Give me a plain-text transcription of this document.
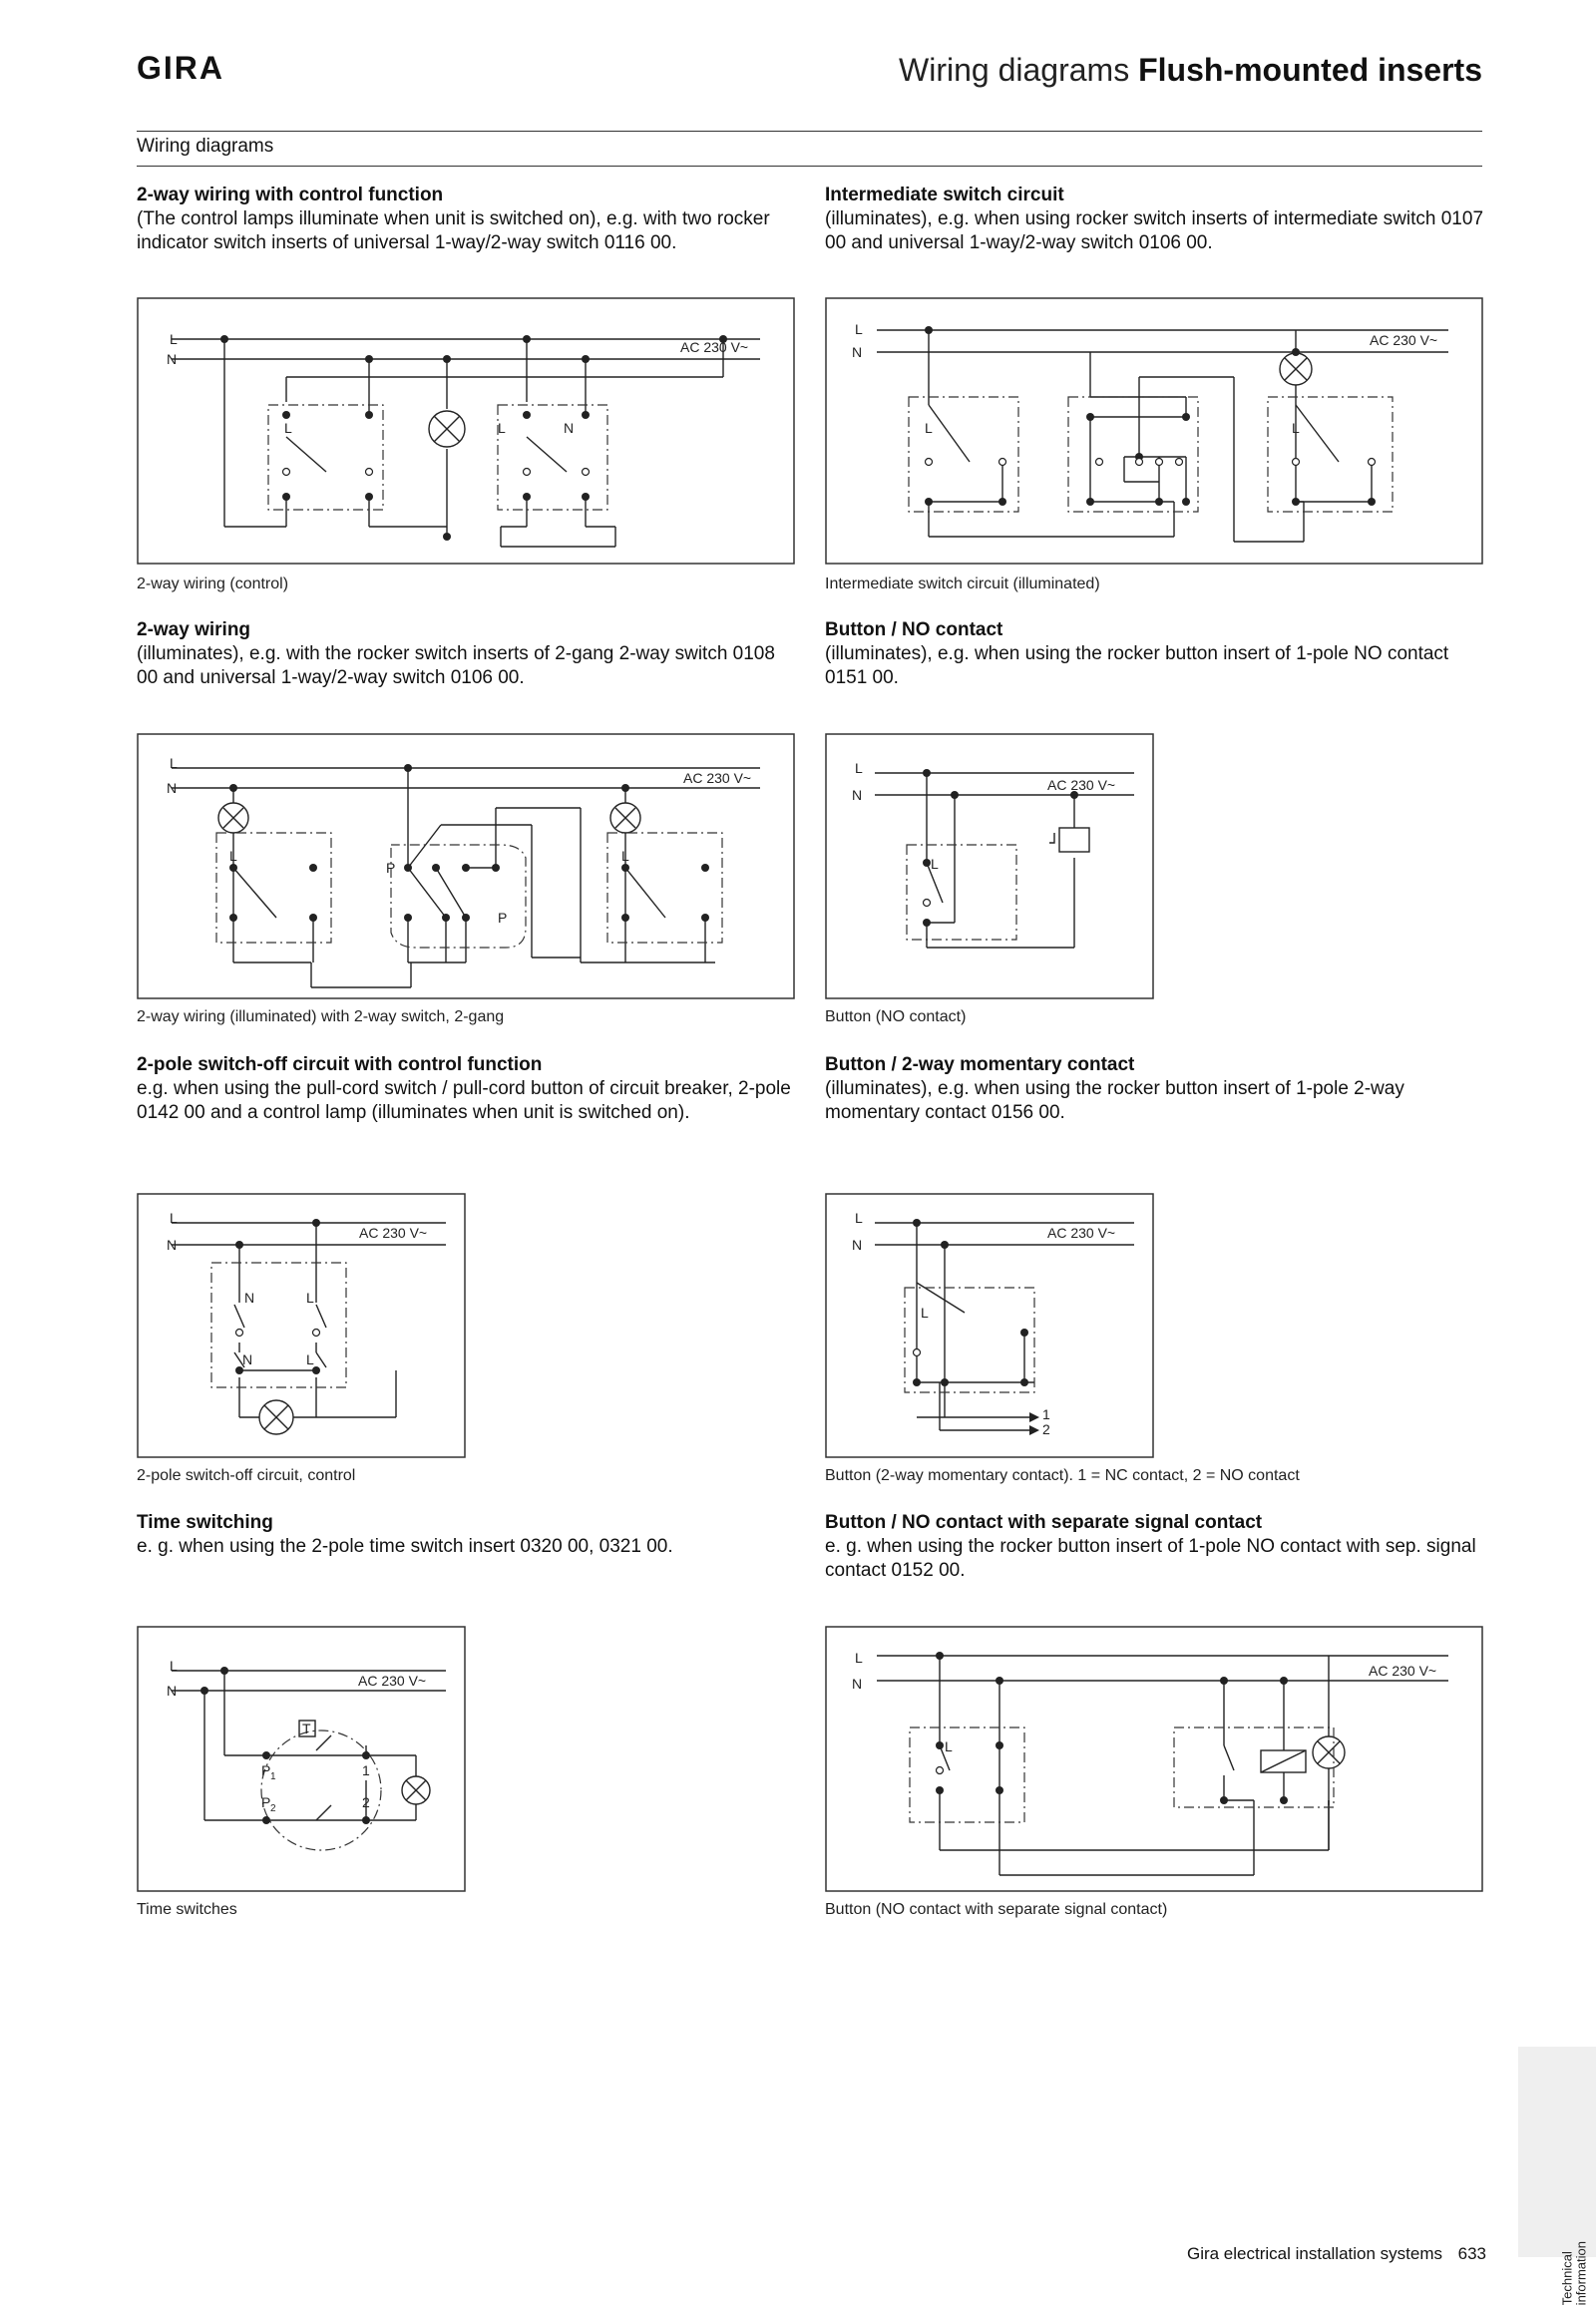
GIRA	Wiring diagrams Flush-mounted inserts
Wiring diagrams
2-way wiring with control function
(The control lamps illuminate when unit is switched on), e.g. with two rocker indicator switch inserts of universal 1-way/2-way switch 0116 00.
Intermediate switch circuit
(illuminates), e.g. when using rocker switch inserts of intermediate switch 0107 00 and universal 1-way/2-way switch 0106 00.
2-way wiring
(illuminates), e.g. with the rocker switch inserts of 2-gang 2-way switch 0108 00 and universal 1-way/2-way switch 0106 00.
Button / NO contact
(illuminates), e.g. when using the rocker button insert of 1-pole NO contact 0151 00.
2-pole switch-off circuit with control function
e.g. when using the pull-cord switch / pull-cord button of circuit breaker, 2-pole 0142 00 and a control lamp (illuminates when unit is switched on).
Button / 2-way momentary contact
(illuminates), e.g. when using the rocker button insert of 1-pole 2-way momentary contact 0156 00.
Time switching
e. g. when using the 2-pole time switch insert 0320 00, 0321 00.
Button / NO contact with separate signal contact
e. g. when using the rocker button insert of 1-pole NO contact with sep. signal contact 0152 00.
2-way wiring (control)	Intermediate switch circuit (illuminated)
2-way wiring (illuminated) with 2-way switch, 2-gang	Button (NO contact)
2-pole switch-off circuit, control	Button (2-way momentary contact). 1 = NC contact, 2 = NO contact
Time switches	Button (NO contact with separate signal contact)
L
N
AC 230 V~
L	L	N
L
N
AC 230 V~
L	L
L
N
AC 230 V~
L
P
P
L
L
N
AC 230 V~
L
L
N
AC 230 V~
N	L
N	L
L
N
AC 230 V~
L
1
2
L
N
AC 230 V~
T
P 1
P 2
1
2
L
N
AC 230 V~
L
Technical information
Gira electrical installation systems 633
